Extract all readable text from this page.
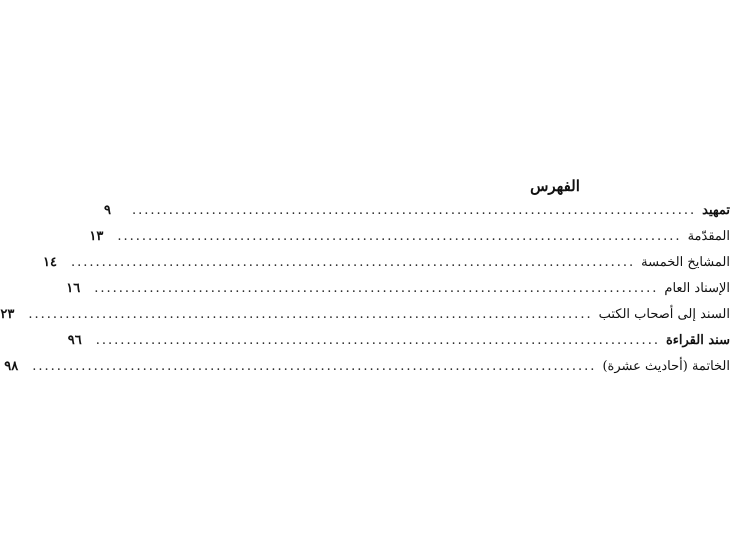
الفهرس
تمهيد
............................................................................................
٩
المقدّمة
............................................................................................
١٣
المشايخ الخمسة
............................................................................................
١٤
الإسناد العام
............................................................................................
١٦
السند إلى أصحاب الكتب
............................................................................................
٢٣
سند القراءة
............................................................................................
٩٦
الخاتمة (أحاديث عشرة)
............................................................................................
٩٨
